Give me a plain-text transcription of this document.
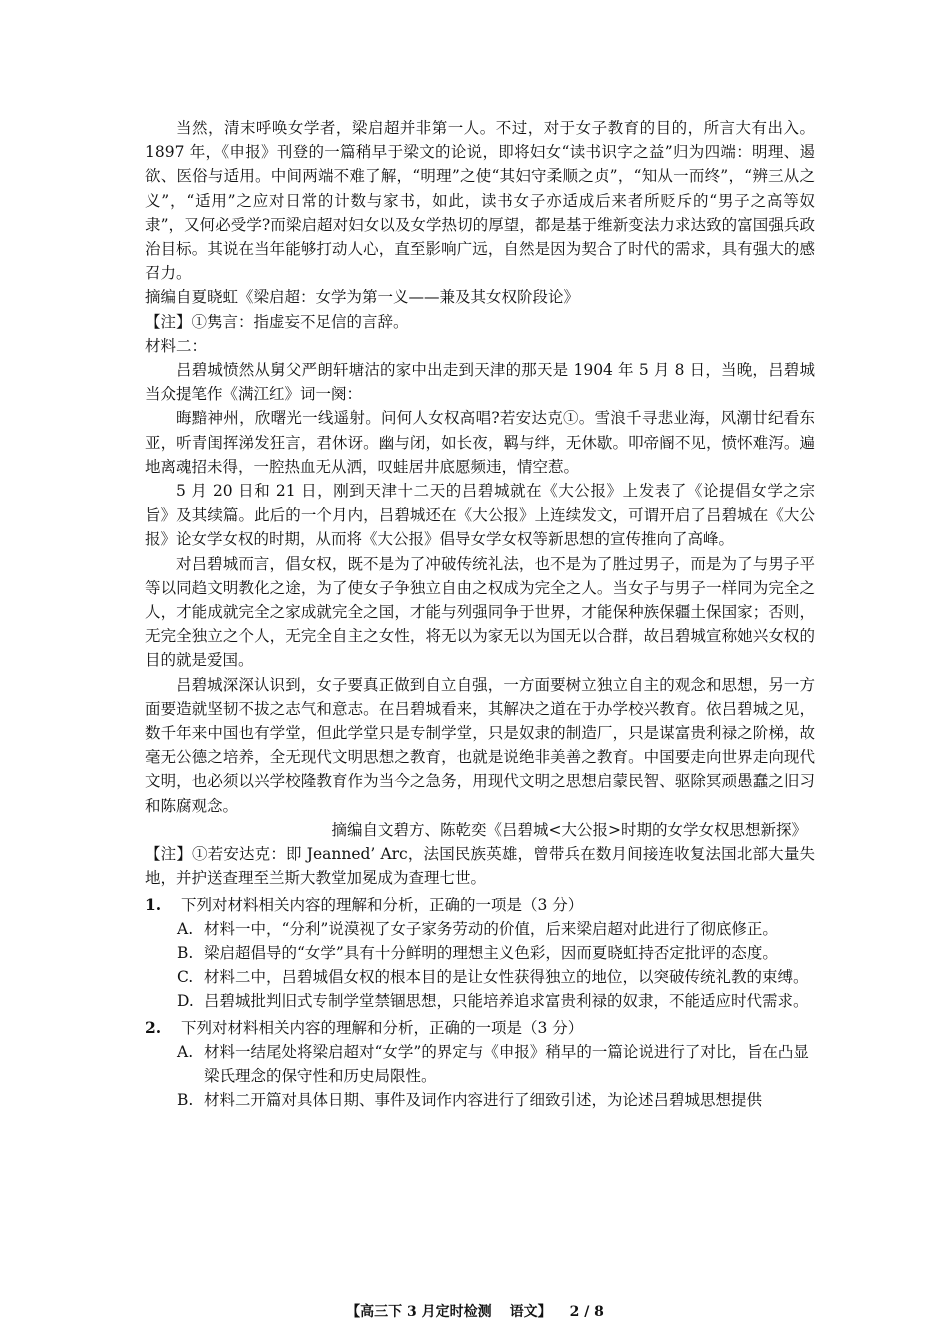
当然，清末呼唤女学者，梁启超并非第一人。不过，对于女子教育的目的，所言大有出入。1897 年，《申报》刊登的一篇稍早于梁文的论说，即将妇女“读书识字之益”归为四端：明理、遏欲、医俗与适用。中间两端不难了解，“明理”之使“其妇守柔顺之贞”，“知从一而终”，“辨三从之义”，“适用”之应对日常的计数与家书，如此，读书女子亦适成后来者所贬斥的“男子之高等奴隶”，又何必受学?而梁启超对妇女以及女学热切的厚望，都是基于维新变法力求达致的富国强兵政治目标。其说在当年能够打动人心，直至影响广远，自然是因为契合了时代的需求，具有强大的感召力。

摘编自夏晓虹《梁启超：女学为第一义——兼及其女权阶段论》

【注】①隽言：指虚妄不足信的言辞。

材料二：

吕碧城愤然从舅父严朗轩塘沽的家中出走到天津的那天是 1904 年 5 月 8 日，当晚，吕碧城当众提笔作《满江红》词一阕：

晦黯神州，欣曙光一线遥射。问何人女权高唱?若安达克①。雪浪千寻悲业海，风潮廿纪看东亚，听青闺挥涕发狂言，君休讶。幽与闭，如长夜，羁与绊，无休歇。叩帝阍不见，愤怀难泻。遍地离魂招未得，一腔热血无从洒，叹蛙居井底愿频违，情空惹。

5 月 20 日和 21 日，刚到天津十二天的吕碧城就在《大公报》上发表了《论提倡女学之宗旨》及其续篇。此后的一个月内，吕碧城还在《大公报》上连续发文，可谓开启了吕碧城在《大公报》论女学女权的时期，从而将《大公报》倡导女学女权等新思想的宣传推向了高峰。

对吕碧城而言，倡女权，既不是为了冲破传统礼法，也不是为了胜过男子，而是为了与男子平等以同趋文明教化之途，为了使女子争独立自由之权成为完全之人。当女子与男子一样同为完全之人，才能成就完全之家成就完全之国，才能与列强同争于世界，才能保种族保疆土保国家；否则，无完全独立之个人，无完全自主之女性，将无以为家无以为国无以合群，故吕碧城宣称她兴女权的目的就是爱国。

吕碧城深深认识到，女子要真正做到自立自强，一方面要树立独立自主的观念和思想，另一方面要造就坚韧不拔之志气和意志。在吕碧城看来，其解决之道在于办学校兴教育。依吕碧城之见，数千年来中国也有学堂，但此学堂只是专制学堂，只是奴隶的制造厂，只是谋富贵利禄之阶梯，故毫无公德之培养，全无现代文明思想之教育，也就是说绝非美善之教育。中国要走向世界走向现代文明，也必须以兴学校隆教育作为当今之急务，用现代文明之思想启蒙民智、驱除冥顽愚蠢之旧习和陈腐观念。

摘编自文碧方、陈乾奕《吕碧城<大公报>时期的女学女权思想新探》

【注】①若安达克：即 Jeanned’ Arc，法国民族英雄，曾带兵在数月间接连收复法国北部大量失地，并护送查理至兰斯大教堂加冕成为查理七世。

1.	下列对材料相关内容的理解和分析，正确的一项是（3 分）
A. 材料一中，“分利”说漠视了女子家务劳动的价值，后来梁启超对此进行了彻底修正。
B. 梁启超倡导的“女学”具有十分鲜明的理想主义色彩，因而夏晓虹持否定批评的态度。
C. 材料二中，吕碧城倡女权的根本目的是让女性获得独立的地位，以突破传统礼教的束缚。
D. 吕碧城批判旧式专制学堂禁锢思想，只能培养追求富贵利禄的奴隶，不能适应时代需求。
2.	下列对材料相关内容的理解和分析，正确的一项是（3 分）
A. 材料一结尾处将梁启超对“女学”的界定与《申报》稍早的一篇论说进行了对比，旨在凸显梁氏理念的保守性和历史局限性。
B. 材料二开篇对具体日期、事件及词作内容进行了细致引述，为论述吕碧城思想提供
【高三下 3 月定时检测 语文】 2 / 8
